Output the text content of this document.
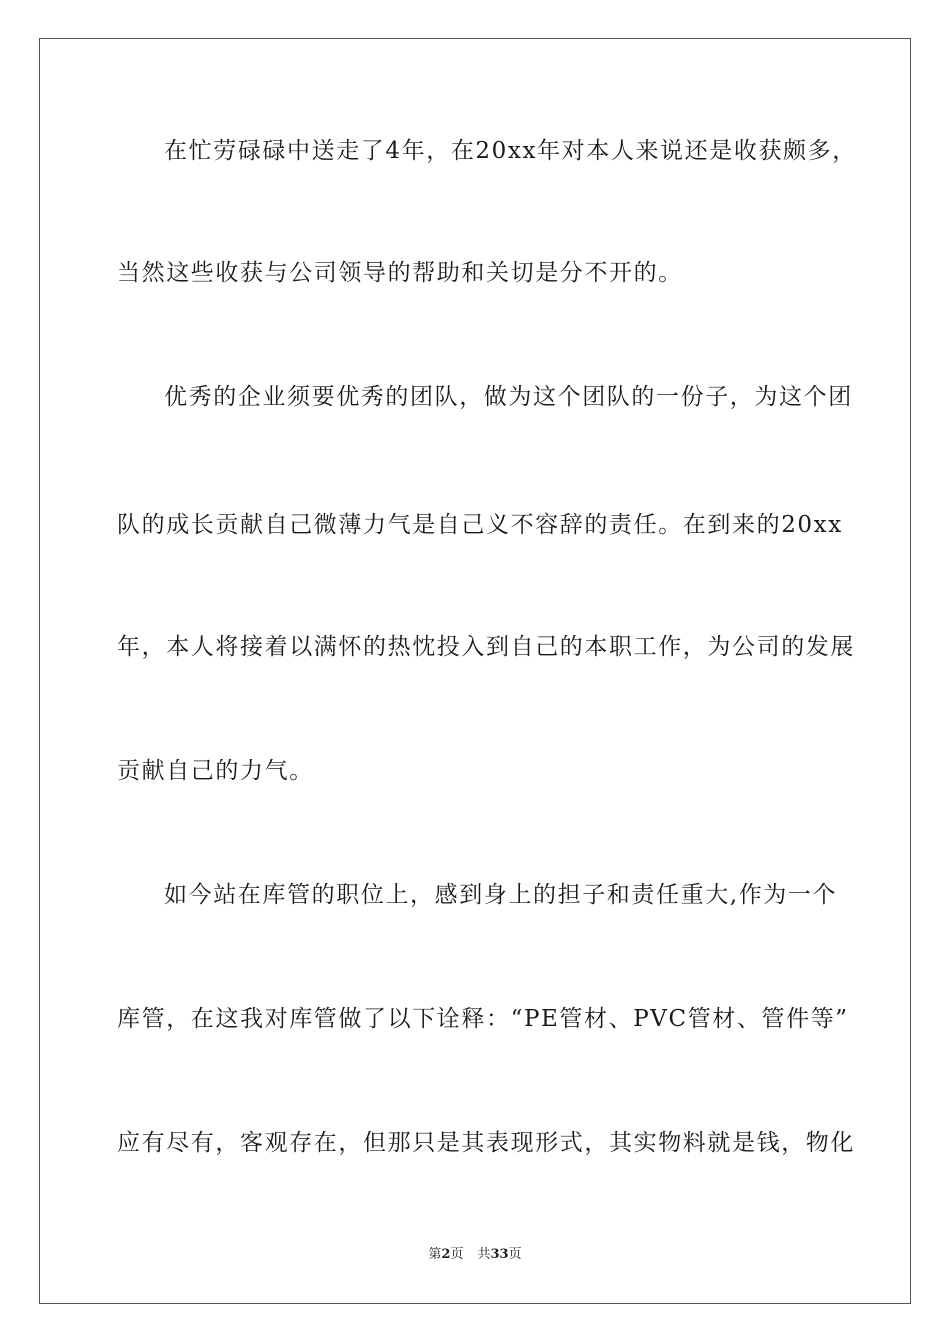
在忙劳碌碌中送走了4年，在20xx年对本人来说还是收获颇多，

当然这些收获与公司领导的帮助和关切是分不开的。

优秀的企业须要优秀的团队，做为这个团队的一份子，为这个团

队的成长贡献自己微薄力气是自己义不容辞的责任。在到来的20xx

年，本人将接着以满怀的热忱投入到自己的本职工作，为公司的发展

贡献自己的力气。

如今站在库管的职位上，感到身上的担子和责任重大,作为一个

库管，在这我对库管做了以下诠释：“PE管材、PVC管材、管件等”

应有尽有，客观存在，但那只是其表现形式，其实物料就是钱，物化

第2页 共33页
